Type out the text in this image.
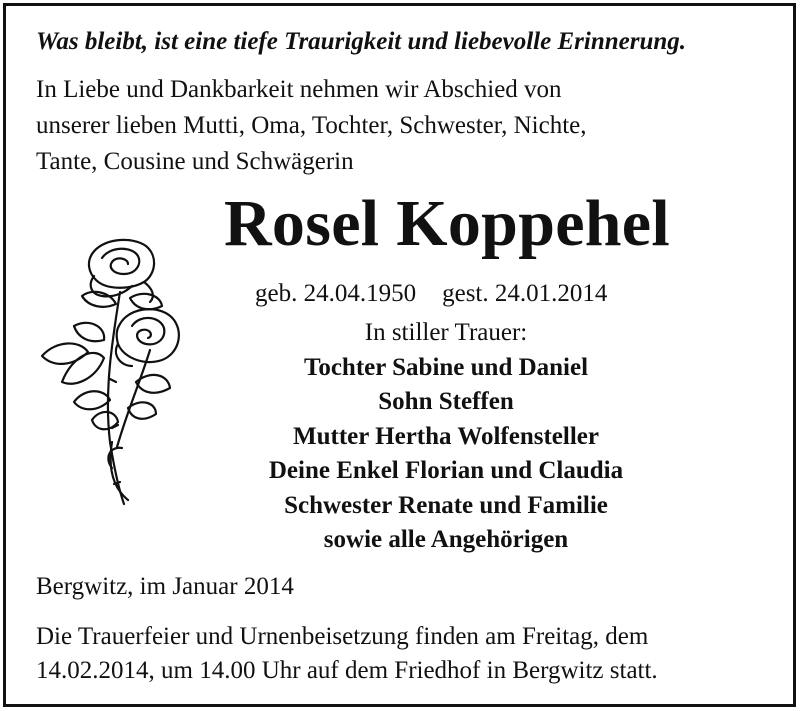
Was bleibt, ist eine tiefe Traurigkeit und liebevolle Erinnerung.
In Liebe und Dankbarkeit nehmen wir Abschied von
unserer lieben Mutti, Oma, Tochter, Schwester, Nichte,
Tante, Cousine und Schwägerin
Rosel Koppehel
geb. 24.04.1950 gest. 24.01.2014
In stiller Trauer:
Tochter Sabine und Daniel
Sohn Steffen
Mutter Hertha Wolfensteller
Deine Enkel Florian und Claudia
Schwester Renate und Familie
sowie alle Angehörigen
Bergwitz, im Januar 2014
Die Trauerfeier und Urnenbeisetzung finden am Freitag, dem
14.02.2014, um 14.00 Uhr auf dem Friedhof in Bergwitz statt.
